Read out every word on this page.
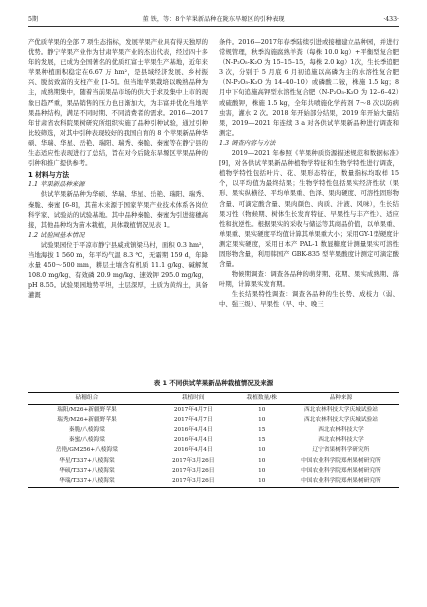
5期	董 铁，等：8个苹果新品种在陇东旱塬区的引种表现	·433·

产优质苹果的全部 7 项生态指标，发展苹果产业具有得天独厚的优势。静宁苹果产业作为甘肃苹果产业的杰出代表，经过四十多年的发展，已成为全国著名的优质红富士苹果生产基地，近年来苹果种植面积稳定在6.67 万 hm²，是县域经济发展、乡村振兴、脱贫致富的支柱产业 [1-5]。但当地苹果栽培以晚熟品种为主，成熟期集中，随着当前果品市场的供大于求及集中上市的现象日趋严重，果品销售的压力也日渐加大，为丰富并优化当地苹果品种结构，满足不同时期、不同消费者的需求。2016—2017年甘肃省农科院果树研究所组织实施了品种引种试验，通过引种比较筛选，对其中引种表现较好的我国自育的 8 个苹果新品种华硕、华瑞、华星、岳艳、瑞阳、瑞秀、秦脆、秦蜜等在静宁县的生态适应性表现进行了总结，旨在对今后陇东旱塬区苹果品种的引种和推广提供参考。

1 材料与方法
1.1 苹果新品种来源

供试苹果新品种为华硕、华瑞、华星、岳艳、瑞阳、瑞秀、秦脆、秦蜜 [6-8]，其苗木来源于国家苹果产业技术体系各岗位科学家、试验站的试验基地。其中品种秦脆、秦蜜为引进接穗高接，其他品种均为苗木栽植，具体栽植情况见表 1。

1.2 试验园基本情况

试验果园位于平凉市静宁县威戎镇梁马村，面积 0.3 hm²，当地海拔 1 560 m，年平均气温 8.3 ℃，无霜期 159 d，年降水量 450～500 mm，耕层土壤含有机质 11.1 g/kg、碱解氮 108.0 mg/kg、有效磷 20.9 mg/kg、速效钾 295.0 mg/kg，pH 8.55。试验果园地势平坦，土层深厚，土质为黄绵土，具备灌溉

条件。2016—2017年春季陆续引进或接穗建立品种园，并进行常规管理，秋季沟施腐熟羊粪（每株 10.0 kg）+平衡型复合肥（N-P₂O₅-K₂O 为 15–15–15，每株 2.0 kg）1次，生长季追肥 3 次，分别于 5 月底 6 月初追施以高磷为主的水溶性复合肥（N-P₂O₅-K₂O 为 14–40–10）或磷酸二铵，株施 1.5 kg；8 月中下旬追施高钾型水溶性复合肥（N-P₂O₅-K₂O 为 12–6–42）或硫酸钾，株施 1.5 kg，全年共喷施化学药剂 7～8 次以防病虫害，灌水 2 次。2018 年开始部分结果，2019 年开始大量结果，2019—2021 年连续 3 a 对各供试苹果新品种进行调查和测定。

1.3 调查内容与方法

2019—2021 年参照《苹果种质资源描述规范和数据标准》[9]，对各供试苹果新品种植物学特征和生物学特性进行调查，植物学特性包括叶片、花、果形态特征，数量指标均取样 15 个，以平均值为最终结果；生物学特性包括果实经济性状（果形、果实纵横径、平均单果重、色泽、果肉硬度、可溶性固形物含量、可滴定酸含量、果肉颜色、肉质、汁液、风味），生长结果习性（物候期、树体生长发育特征、早果性与丰产性）、适应性和抗逆性。根据果实的采收与储运等其商品价值，以单果重、单果重、果实硬度平均值计算其单果重大小；采用GY-1型硬度计测定果实硬度，采用日本产 PAL-1 数显糖度计测量果实可溶性固形物含量，利用韩国产 GBK-835 型苹果酸度计测定可滴定酸含量。

物候期调查：调查各品种的萌芽期、花期、果实成熟期、落叶期，计算果实发育期。

生长结果特性调查：调查各品种的生长势、成枝力（弱、中、强三级）、早果性（早、中、晚三

表 1 不同供试苹果新品种栽植情况及来源
砧穗组合	栽植时间	栽植数量/株	品种来源
瑞阳/M26+新疆野苹果	2017年4月7日	10	西北农林科技大学庆城试验站
瑞秀/M26+新疆野苹果	2017年4月7日	10	西北农林科技大学庆城试验站
秦脆/八棱海棠	2016年4月4日	15	西北农林科技大学
秦蜜/八棱海棠	2016年4月4日	15	西北农林科技大学
岳艳/GM256+八棱海棠	2016年4月4日	10	辽宁省果树科学研究所
华星/T337+八棱海棠	2017年3月26日	10	中国农业科学院郑州果树研究所
华硕/T337+八棱海棠	2017年3月26日	10	中国农业科学院郑州果树研究所
华瑞/T337+八棱海棠	2017年3月26日	10	中国农业科学院郑州果树研究所
